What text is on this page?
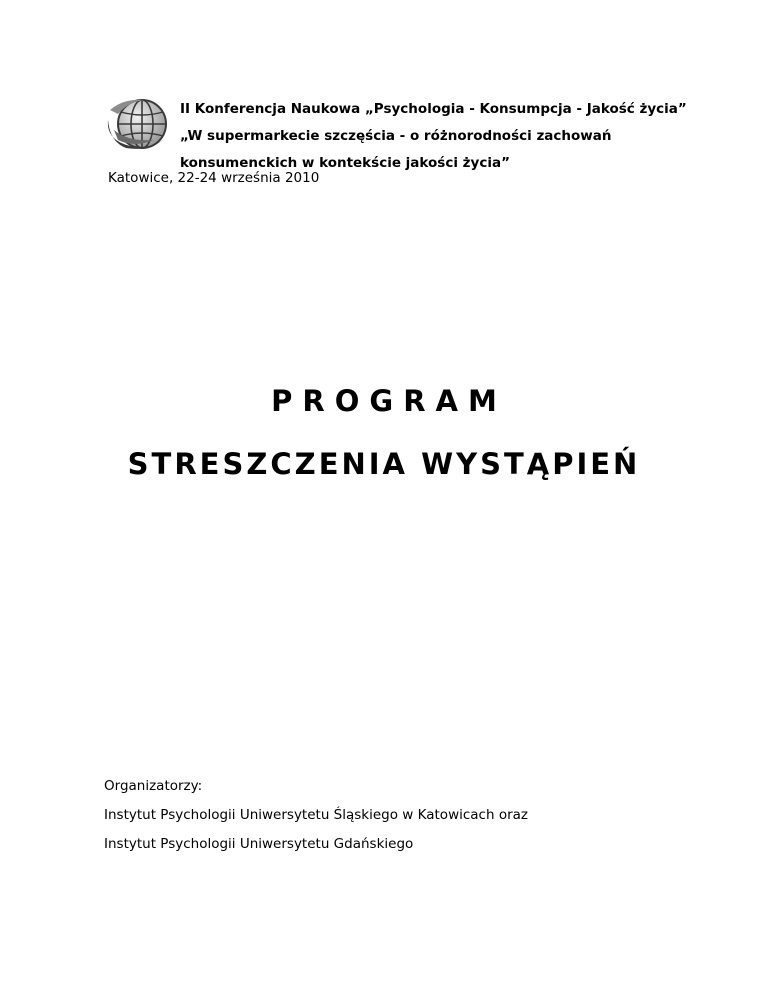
II Konferencja Naukowa „Psychologia - Konsumpcja - Jakość życia”
„W supermarkecie szczęścia - o różnorodności zachowań
konsumenckich w kontekście jakości życia”
Katowice, 22-24 września 2010
PROGRAM
STRESZCZENIA WYSTĄPIEŃ
Organizatorzy:
Instytut Psychologii Uniwersytetu Śląskiego w Katowicach oraz
Instytut Psychologii Uniwersytetu Gdańskiego
